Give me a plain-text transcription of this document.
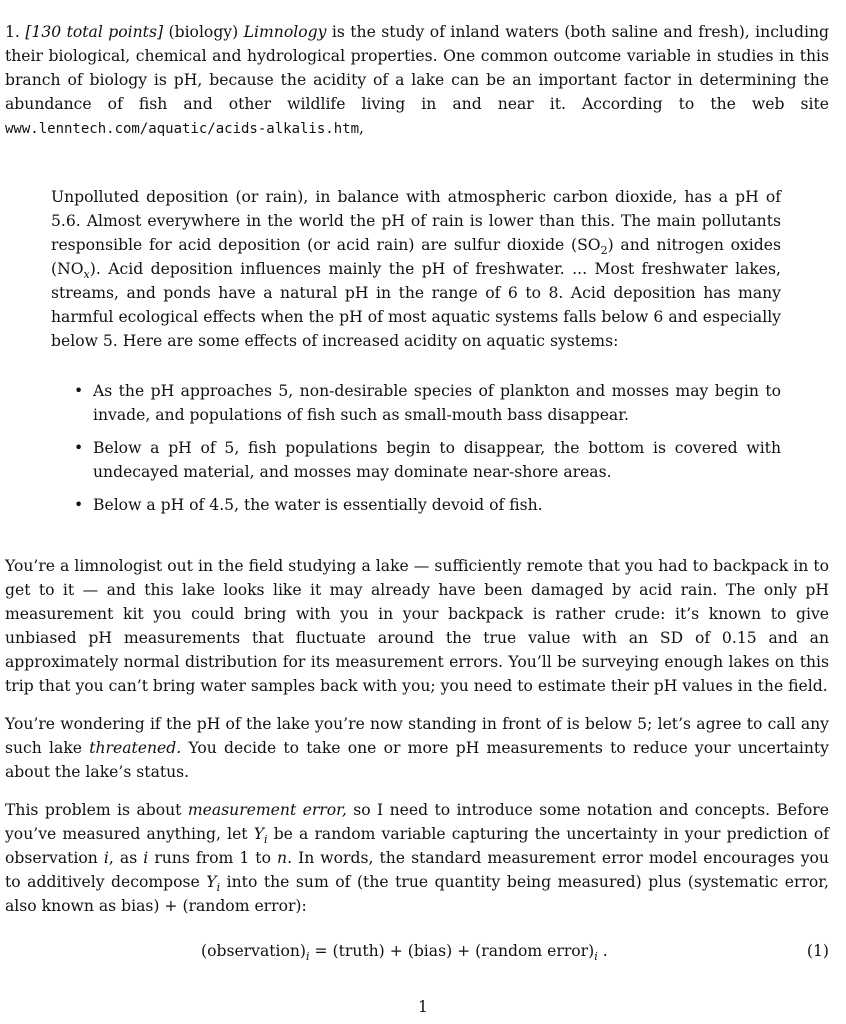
1. [130 total points] (biology) Limnology is the study of inland waters (both saline and fresh), including their biological, chemical and hydrological properties. One common outcome variable in studies in this branch of biology is pH, because the acidity of a lake can be an important factor in determining the abundance of fish and other wildlife living in and near it. According to the web site www.lenntech.com/aquatic/acids-alkalis.htm,

Unpolluted deposition (or rain), in balance with atmospheric carbon dioxide, has a pH of 5.6. Almost everywhere in the world the pH of rain is lower than this. The main pollutants responsible for acid deposition (or acid rain) are sulfur dioxide $(SO_2)$ and nitrogen oxides $(NO_x)$. Acid deposition influences mainly the pH of freshwater. ... Most freshwater lakes, streams, and ponds have a natural pH in the range of 6 to 8. Acid deposition has many harmful ecological effects when the pH of most aquatic systems falls below 6 and especially below 5. Here are some effects of increased acidity on aquatic systems:

• As the pH approaches 5, non-desirable species of plankton and mosses may begin to invade, and populations of fish such as small-mouth bass disappear.
• Below a pH of 5, fish populations begin to disappear, the bottom is covered with undecayed material, and mosses may dominate near-shore areas.
• Below a pH of 4.5, the water is essentially devoid of fish.

You’re a limnologist out in the field studying a lake — sufficiently remote that you had to backpack in to get to it — and this lake looks like it may already have been damaged by acid rain. The only pH measurement kit you could bring with you in your backpack is rather crude: it’s known to give unbiased pH measurements that fluctuate around the true value with an SD of 0.15 and an approximately normal distribution for its measurement errors. You’ll be surveying enough lakes on this trip that you can’t bring water samples back with you; you need to estimate their pH values in the field.

You’re wondering if the pH of the lake you’re now standing in front of is below 5; let’s agree to call any such lake threatened. You decide to take one or more pH measurements to reduce your uncertainty about the lake’s status.

This problem is about measurement error, so I need to introduce some notation and concepts. Before you’ve measured anything, let $Y_i$ be a random variable capturing the uncertainty in your prediction of observation i, as i runs from 1 to n. In words, the standard measurement error model encourages you to additively decompose $Y_i$ into the sum of (the true quantity being measured) plus (systematic error, also known as bias) + (random error):

$(observation)_i$ = (truth) + (bias) + (random $error)_i$ .	(1)
1
